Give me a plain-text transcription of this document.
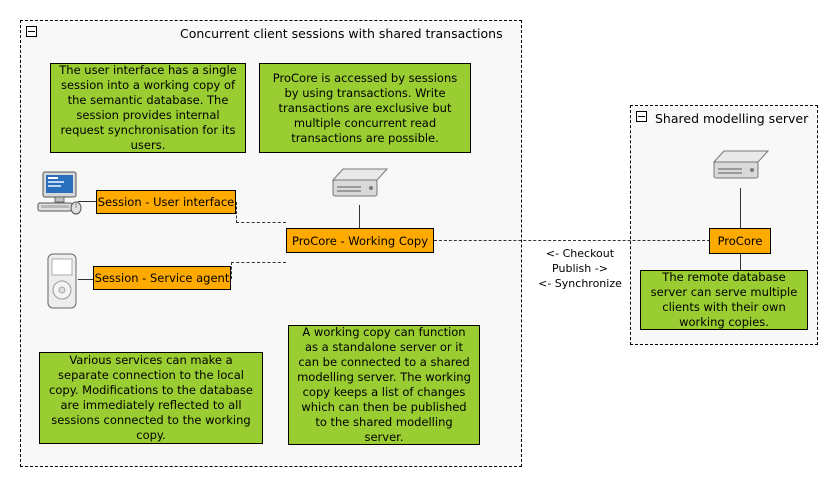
Concurrent client sessions with shared transactions
Shared modelling server
<- Checkout
Publish ->
<- Synchronize
The user interface has a single session into a working copy of the semantic database. The session provides internal request synchronisation for its users.
ProCore is accessed by sessions by using transactions. Write transactions are exclusive but multiple concurrent read transactions are possible.
Various services can make a separate connection to the local copy. Modifications to the database are immediately reflected to all sessions connected to the working copy.
A working copy can function as a standalone server or it can be connected to a shared modelling server. The working copy keeps a list of changes which can then be published to the shared modelling server.
The remote database server can serve multiple clients with their own working copies.
Session - User interface
Session - Service agent
ProCore - Working Copy	ProCore
